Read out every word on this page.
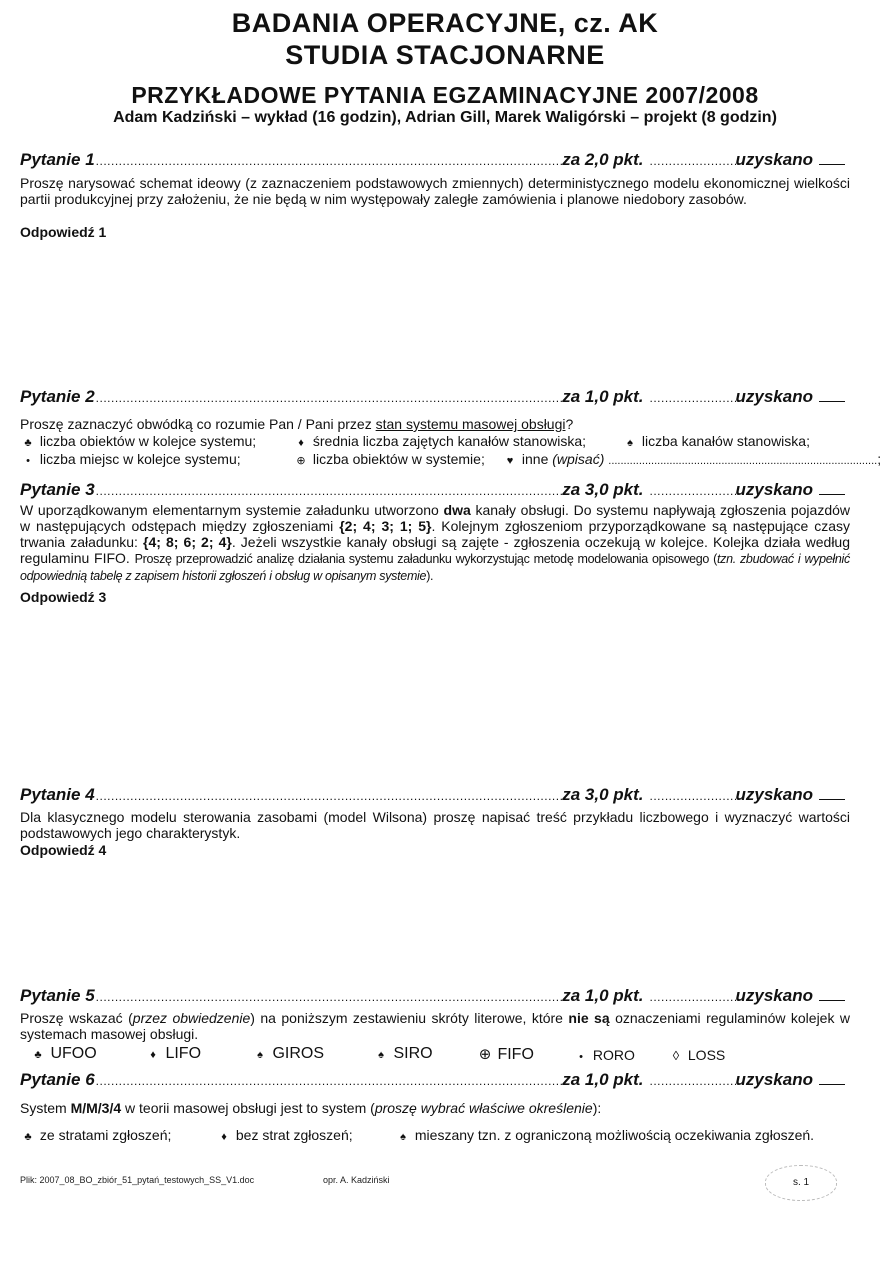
BADANIA OPERACYJNE, cz. AK
STUDIA STACJONARNE
PRZYKŁADOWE PYTANIA EGZAMINACYJNE 2007/2008
Adam Kadziński – wykład (16 godzin), Adrian Gill, Marek Waligórski – projekt (8 godzin)
Pytanie 1 .....	za 2,0 pkt. .....	uzyskano
Proszę narysować schemat ideowy (z zaznaczeniem podstawowych zmiennych) deterministycznego modelu ekonomicznej wielkości partii produkcyjnej przy założeniu, że nie będą w nim występowały zaległe zamówienia i planowe niedobory zasobów.
Odpowiedź 1
Pytanie 2 .....	za 1,0 pkt. .....	uzyskano
Proszę zaznaczyć obwódką co rozumie Pan / Pani przez stan systemu masowej obsługi?
♣ liczba obiektów w kolejce systemu;	♦ średnia liczba zajętych kanałów stanowiska;	♠ liczba kanałów stanowiska;
• liczba miejsc w kolejce systemu;	⊕ liczba obiektów w systemie;	♥ inne (wpisać) .....	;
Pytanie 3 .....	za 3,0 pkt. .....	uzyskano
W uporządkowanym elementarnym systemie załadunku utworzono dwa kanały obsługi. Do systemu napływają zgłoszenia pojazdów w następujących odstępach między zgłoszeniami {2; 4; 3; 1; 5}. Kolejnym zgłoszeniom przyporządkowane są następujące czasy trwania załadunku: {4; 8; 6; 2; 4}. Jeżeli wszystkie kanały obsługi są zajęte - zgłoszenia oczekują w kolejce. Kolejka działa według regulaminu FIFO. Proszę przeprowadzić analizę działania systemu załadunku wykorzystując metodę modelowania opisowego (tzn. zbudować i wypełnić odpowiednią tabelę z zapisem historii zgłoszeń i obsług w opisanym systemie).
Odpowiedź 3
Pytanie 4 .....	za 3,0 pkt. .....	uzyskano
Dla klasycznego modelu sterowania zasobami (model Wilsona) proszę napisać treść przykładu liczbowego i wyznaczyć wartości podstawowych jego charakterystyk.
Odpowiedź 4
Pytanie 5 .....	za 1,0 pkt. .....	uzyskano
Proszę wskazać (przez obwiedzenie) na poniższym zestawieniu skróty literowe, które nie są oznaczeniami regulaminów kolejek w systemach masowej obsługi.
♣ UFOO	♦ LIFO	♠ GIROS	♠ SIRO	⊕ FIFO	• RORO	◊ LOSS
Pytanie 6 .....	za 1,0 pkt. .....	uzyskano
System M/M/3/4 w teorii masowej obsługi jest to system (proszę wybrać właściwe określenie):
♣ ze stratami zgłoszeń;	♦ bez strat zgłoszeń;	♠ mieszany tzn. z ograniczoną możliwością oczekiwania zgłoszeń.
Plik: 2007_08_BO_zbiór_51_pytań_testowych_SS_V1.doc	opr. A. Kadziński	s. 1
